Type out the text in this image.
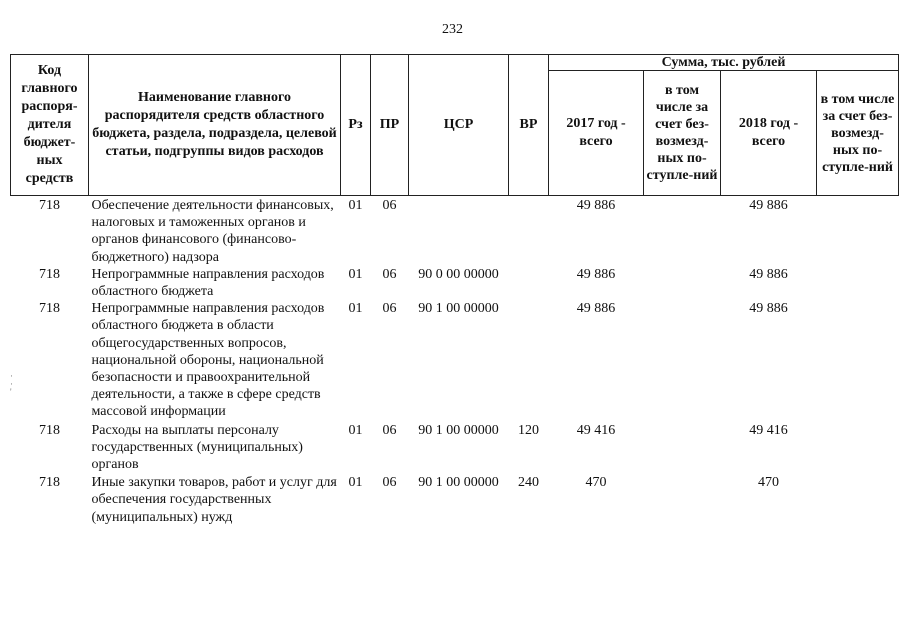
232
Код главного распоря-дителя бюджет-ных средств	Наименование главного распорядителя средств областного бюджета, раздела, подраздела, целевой статьи, подгруппы видов расходов	Рз	ПР	ЦСР	ВР	Сумма, тыс. рублей			
						2017 год - всего	в том числе за счет без-возмезд-ных по-ступле-ний	2018 год - всего	в том числе за счет без-возмезд-ных по-ступле-ний
718	Обеспечение деятельности финансовых, налоговых и таможенных органов и органов финансового (финансово-бюджетного) надзора	01	06			49 886		49 886	
718	Непрограммные направления расходов областного бюджета	01	06	90 0 00 00000		49 886		49 886	
718	Непрограммные направления расходов областного бюджета в области общегосударственных вопросов, национальной обороны, национальной безопасности и правоохранительной деятельности, а также в сфере средств массовой информации	01	06	90 1 00 00000		49 886		49 886	
718	Расходы на выплаты персоналу государственных (муниципальных) органов	01	06	90 1 00 00000	120	49 416		49 416	
718	Иные закупки товаров, работ и услуг для обеспечения государственных (муниципальных) нужд	01	06	90 1 00 00000	240	470		470	
·
·
'
